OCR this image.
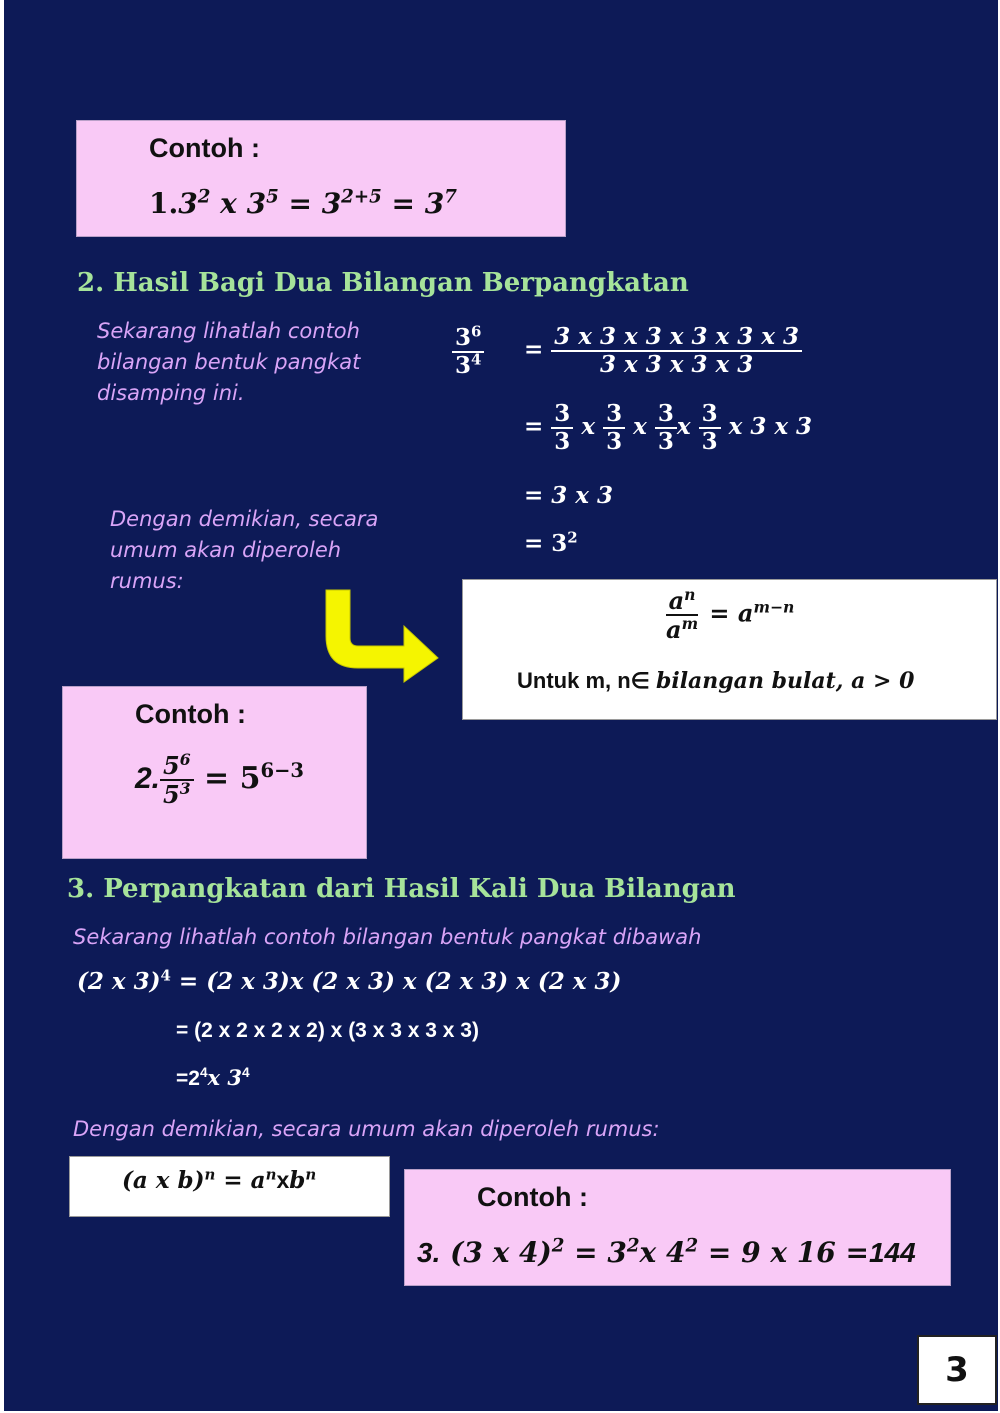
Contoh :
$1.3^2$ x $3^5 = 3^{2+5} = 3^7$
2. Hasil Bagi Dua Bilangan Berpangkatan
Sekarang lihatlah contoh bilangan bentuk pangkat disamping ini.
Dengan demikian, secara umum akan diperoleh rumus:
$\frac{3^6}{3^4} = \frac{3 x 3 x 3 x 3 x 3 x 3}{3 x 3 x 3 x 3}$
= $\frac{3}{3}$ x $\frac{3}{3}$ x $\frac{3}{3}$ x $\frac{3}{3}$ x 3 x 3
= 3 x 3
= $3^2$
$\frac{a^n}{a^m} = a^{m-n}$
Untuk m, n∈ bilangan bulat, a > 0
Contoh :
2. $\frac{5^6}{5^3} = 5^{6-3}$
3. Perpangkatan dari Hasil Kali Dua Bilangan
Sekarang lihatlah contoh bilangan bentuk pangkat dibawah
(2 x 3)$^4$ = (2 x 3)x (2 x 3) x (2 x 3) x (2 x 3)
= (2 x 2 x 2 x 2) x (3 x 3 x 3 x 3)
$=2^4x$ $3^4$
Dengan demikian, secara umum akan diperoleh rumus:
(a x $b)^n = a^nxb^n$
Contoh :
3. (3 x $4)^2 = 3^2x$ $4^2 = 9$ x 16 =144
3
